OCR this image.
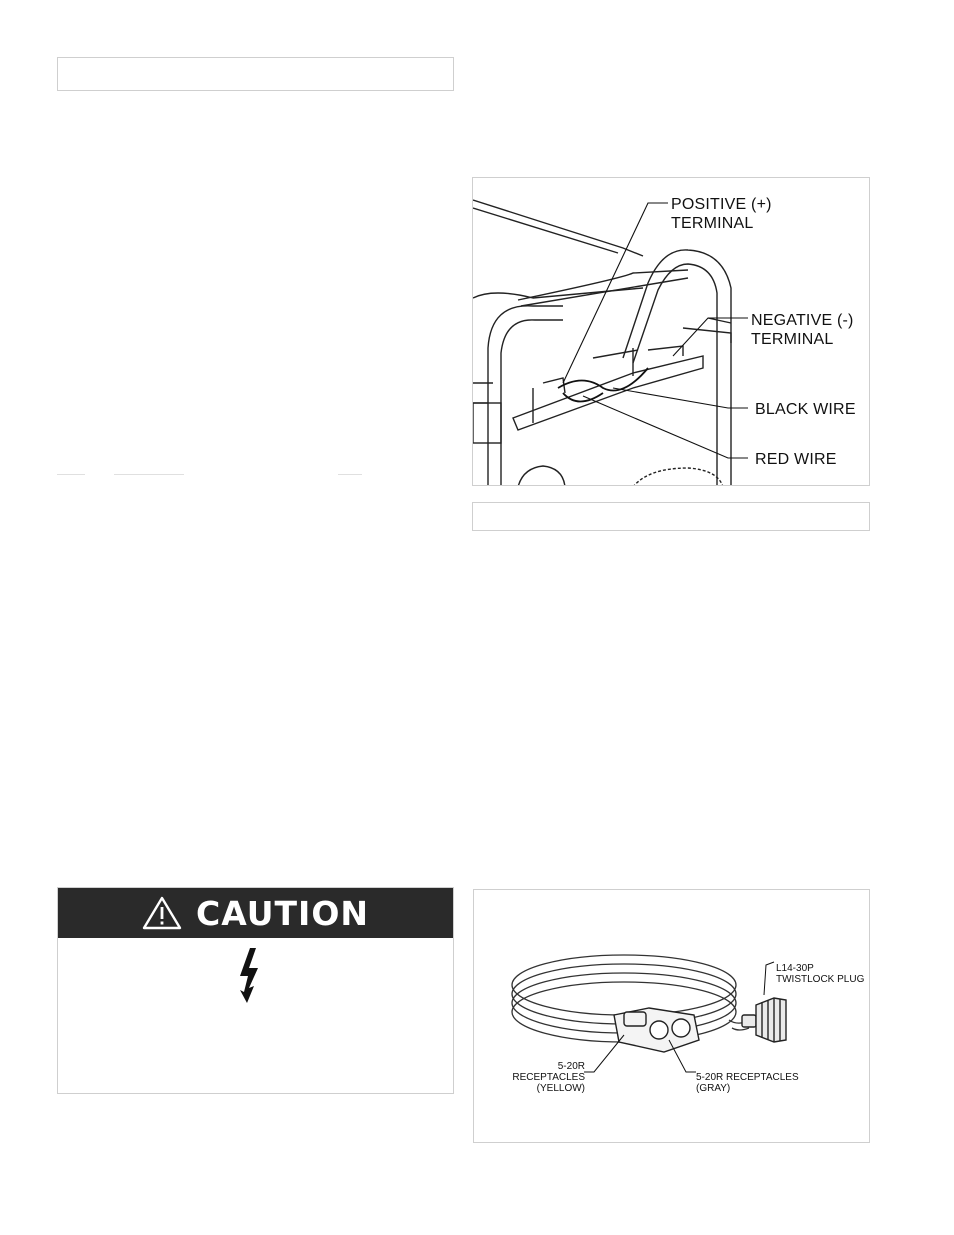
POSITIVE (+)
TERMINAL
NEGATIVE (-)
TERMINAL
BLACK WIRE
RED WIRE
CAUTION
L14-30P
TWISTLOCK PLUG
5-20R RECEPTACLES
(YELLOW)
5-20R RECEPTACLES
(GRAY)
